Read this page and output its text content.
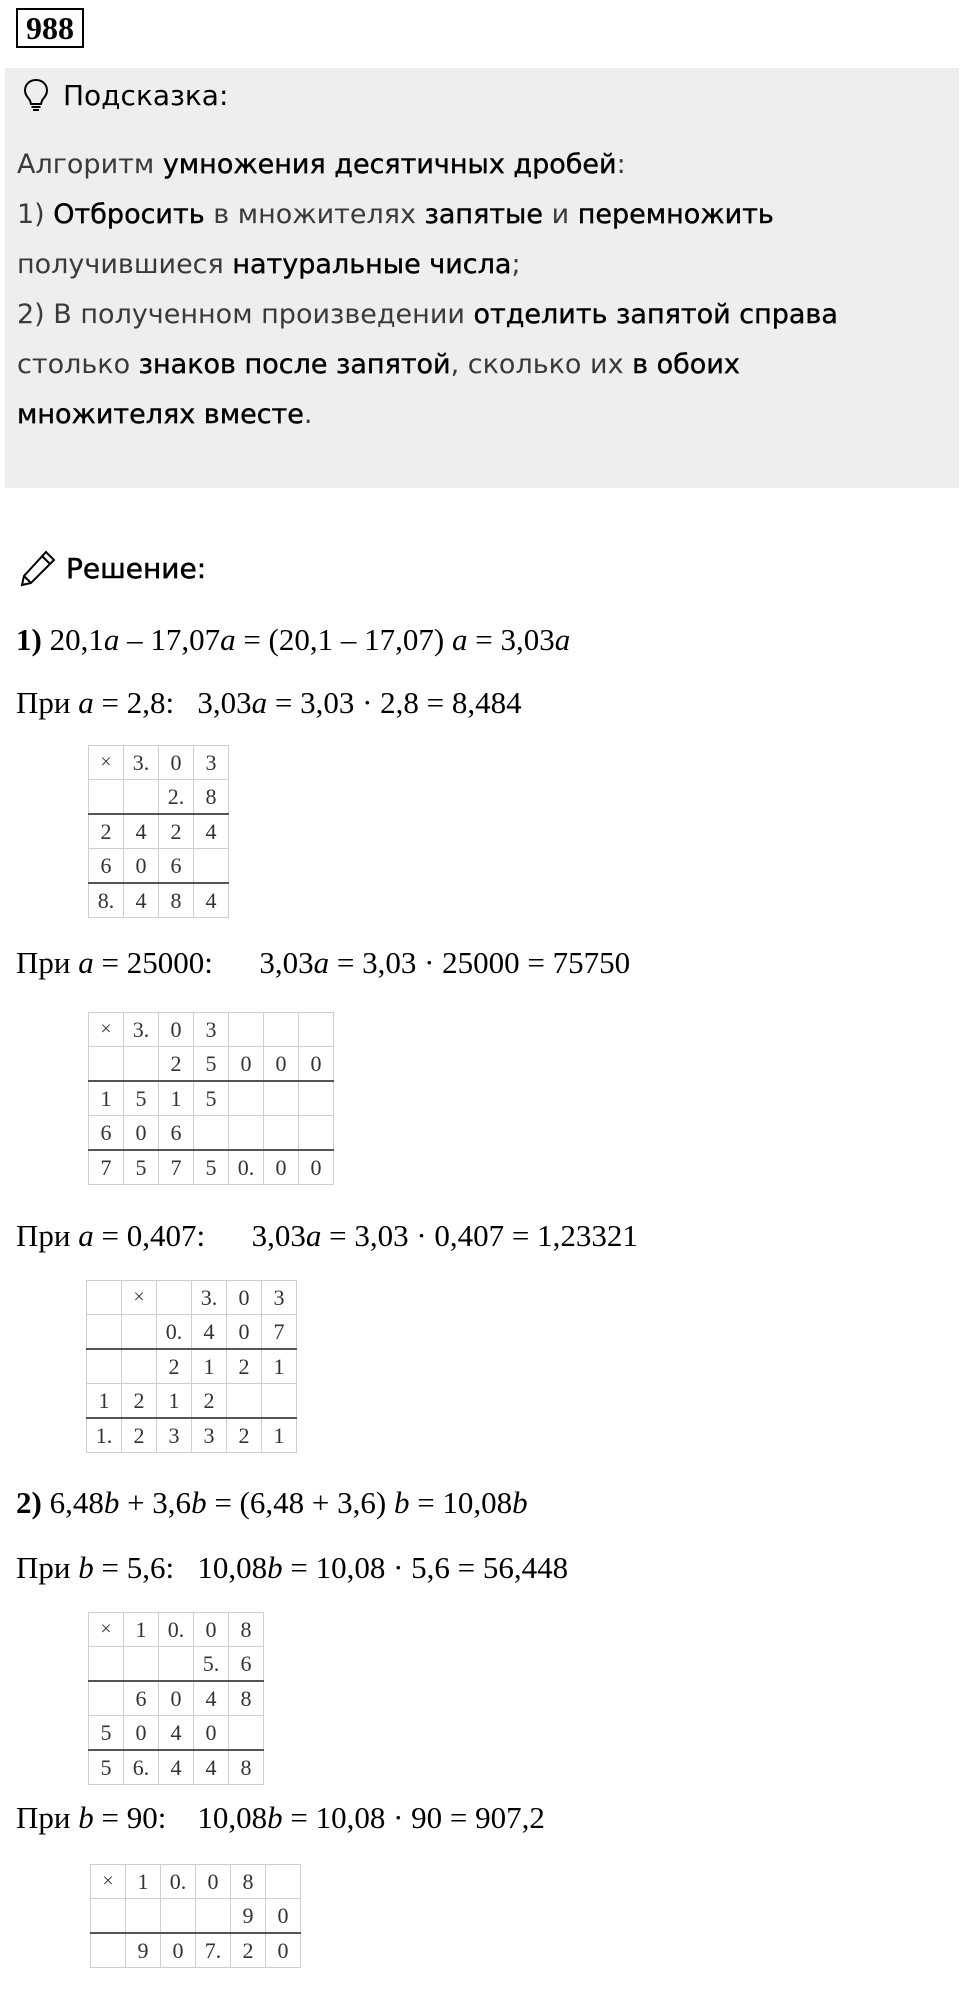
988
Подсказка:
Алгоритм умножения десятичных дробей:
1) Отбросить в множителях запятые и перемножить
получившиеся натуральные числа;
2) В полученном произведении отделить запятой справа
столько знаков после запятой, сколько их в обоих
множителях вместе.
Решение:
1) 20,1a – 17,07a = (20,1 – 17,07) a = 3,03a
При a = 2,8:   3,03a = 3,03 · 2,8 = 8,484
×	3.	0	3
		2.	8
2	4	2	4
6	0	6	
8.	4	8	4
При a = 25000:      3,03a = 3,03 · 25000 = 75750
×	3.	0	3			
		2	5	0	0	0
1	5	1	5			
6	0	6				
7	5	7	5	0.	0	0
При a = 0,407:      3,03a = 3,03 · 0,407 = 1,23321
	×		3.	0	3
		0.	4	0	7
		2	1	2	1
1	2	1	2		
1.	2	3	3	2	1
2) 6,48b + 3,6b = (6,48 + 3,6) b = 10,08b
При b = 5,6:   10,08b = 10,08 · 5,6 = 56,448
×	1	0.	0	8
			5.	6
	6	0	4	8
5	0	4	0	
5	6.	4	4	8
При b = 90:    10,08b = 10,08 · 90 = 907,2
×	1	0.	0	8	
				9	0
	9	0	7.	2	0
